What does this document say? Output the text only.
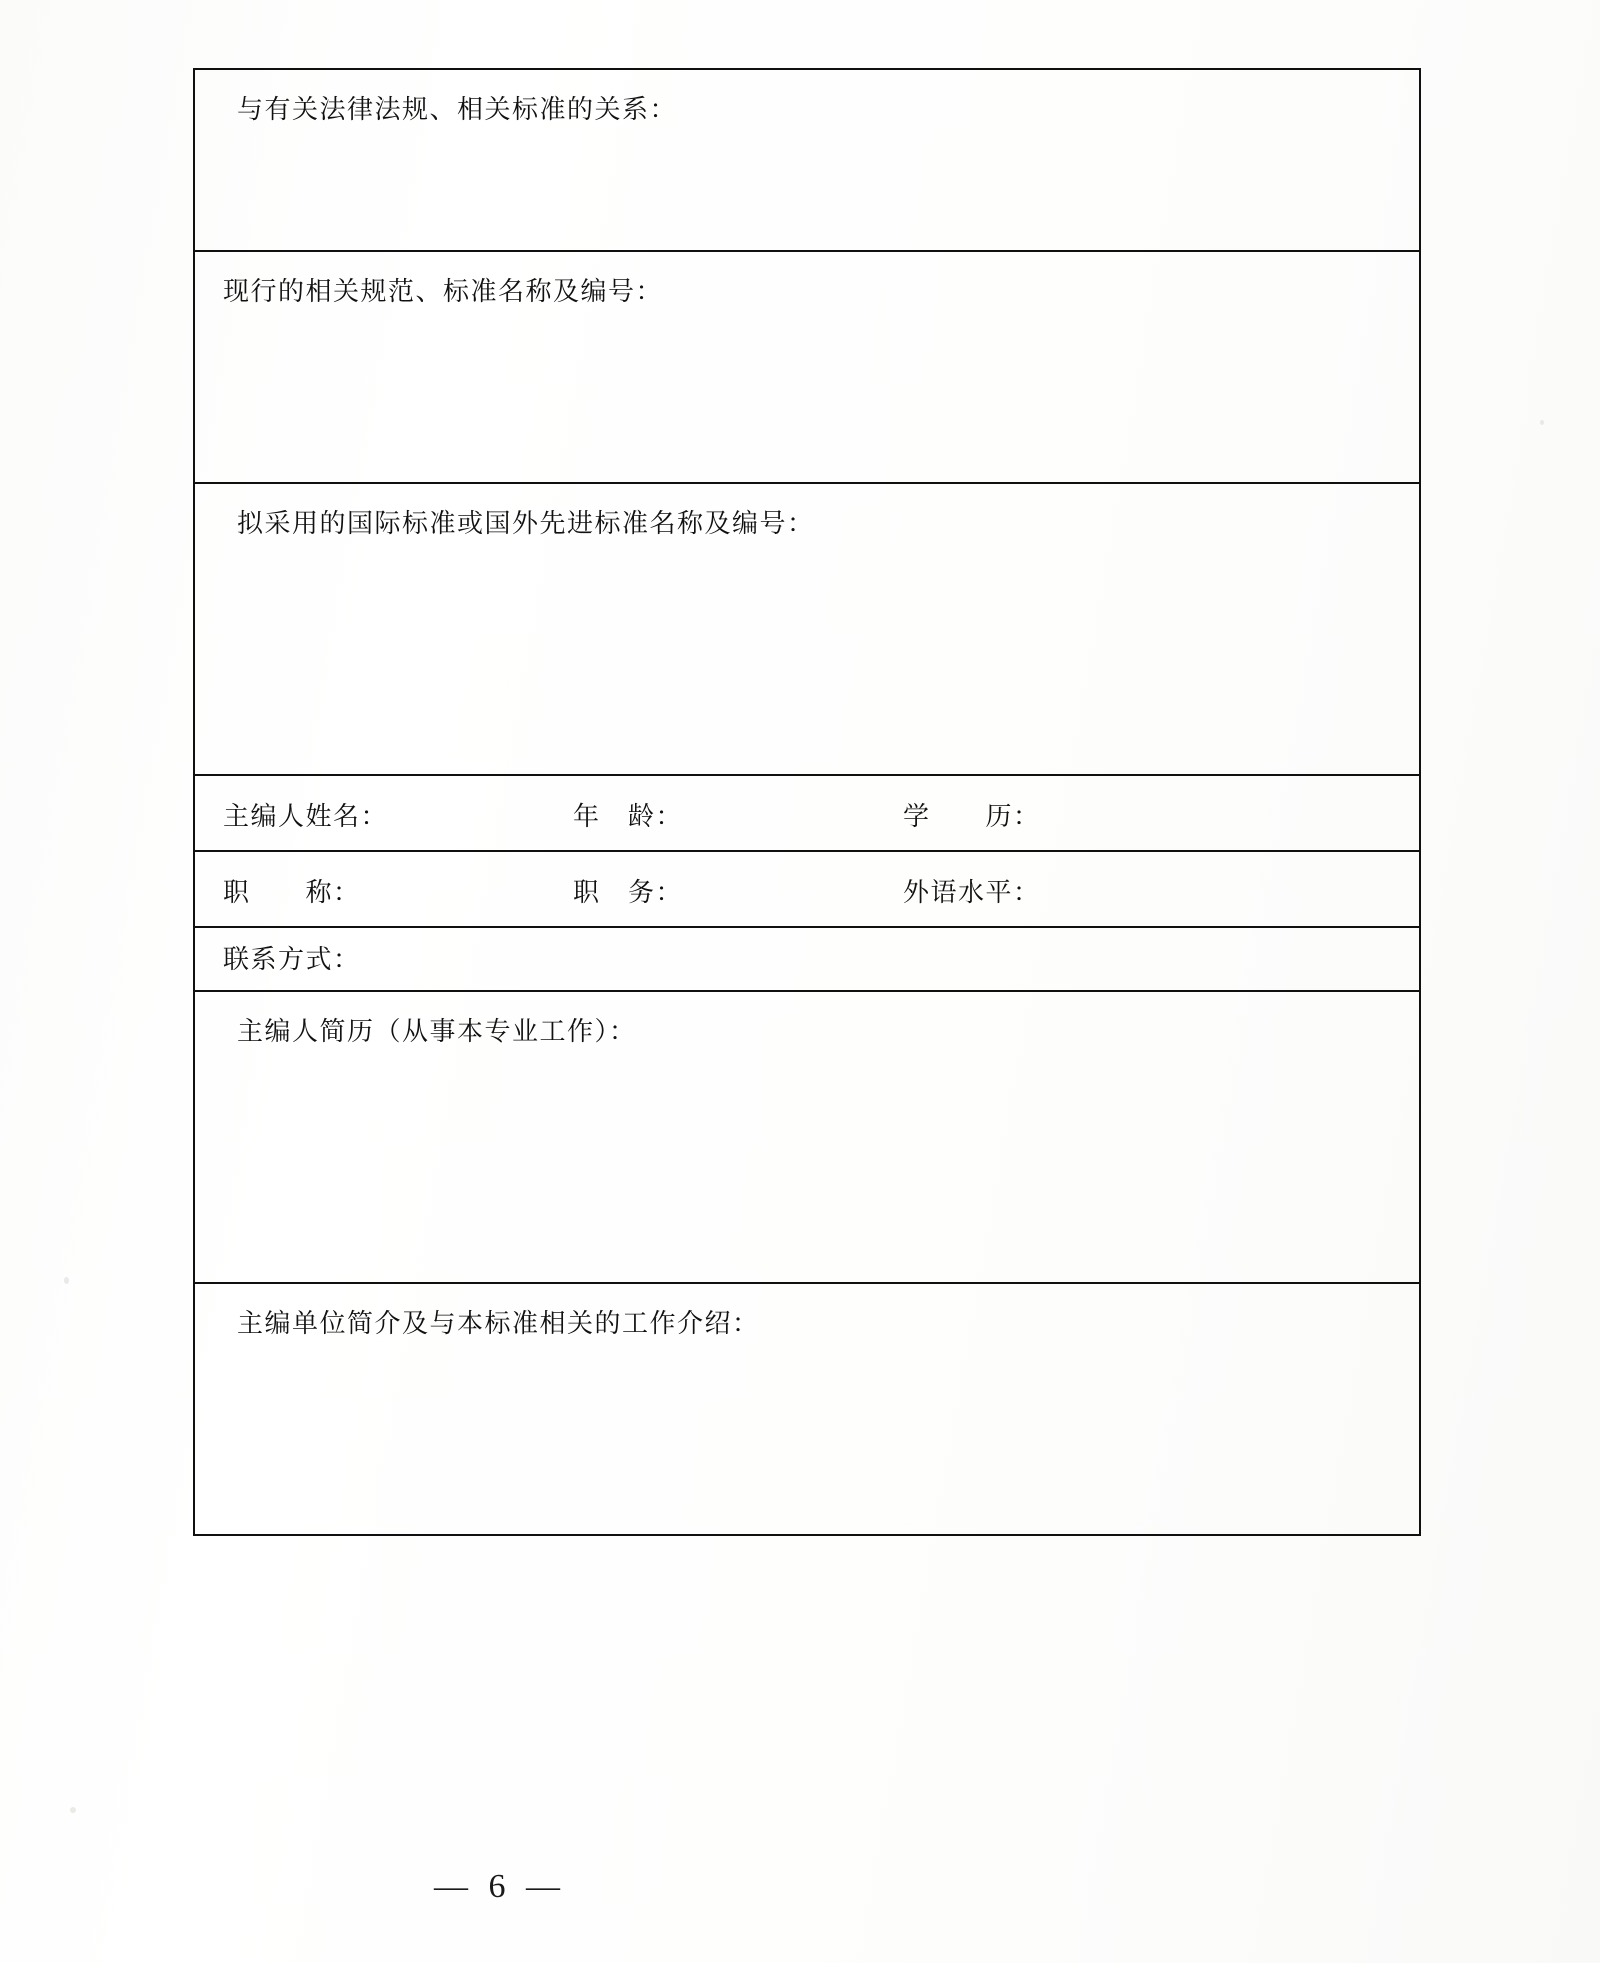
与有关法律法规、相关标准的关系：

现行的相关规范、标准名称及编号：

拟采用的国际标准或国外先进标准名称及编号：

主编人姓名：	年　龄：	学　　历：

职　　称：	职　务：	外语水平：

联系方式：

主编人简历（从事本专业工作）：

主编单位简介及与本标准相关的工作介绍：
— 6 —
